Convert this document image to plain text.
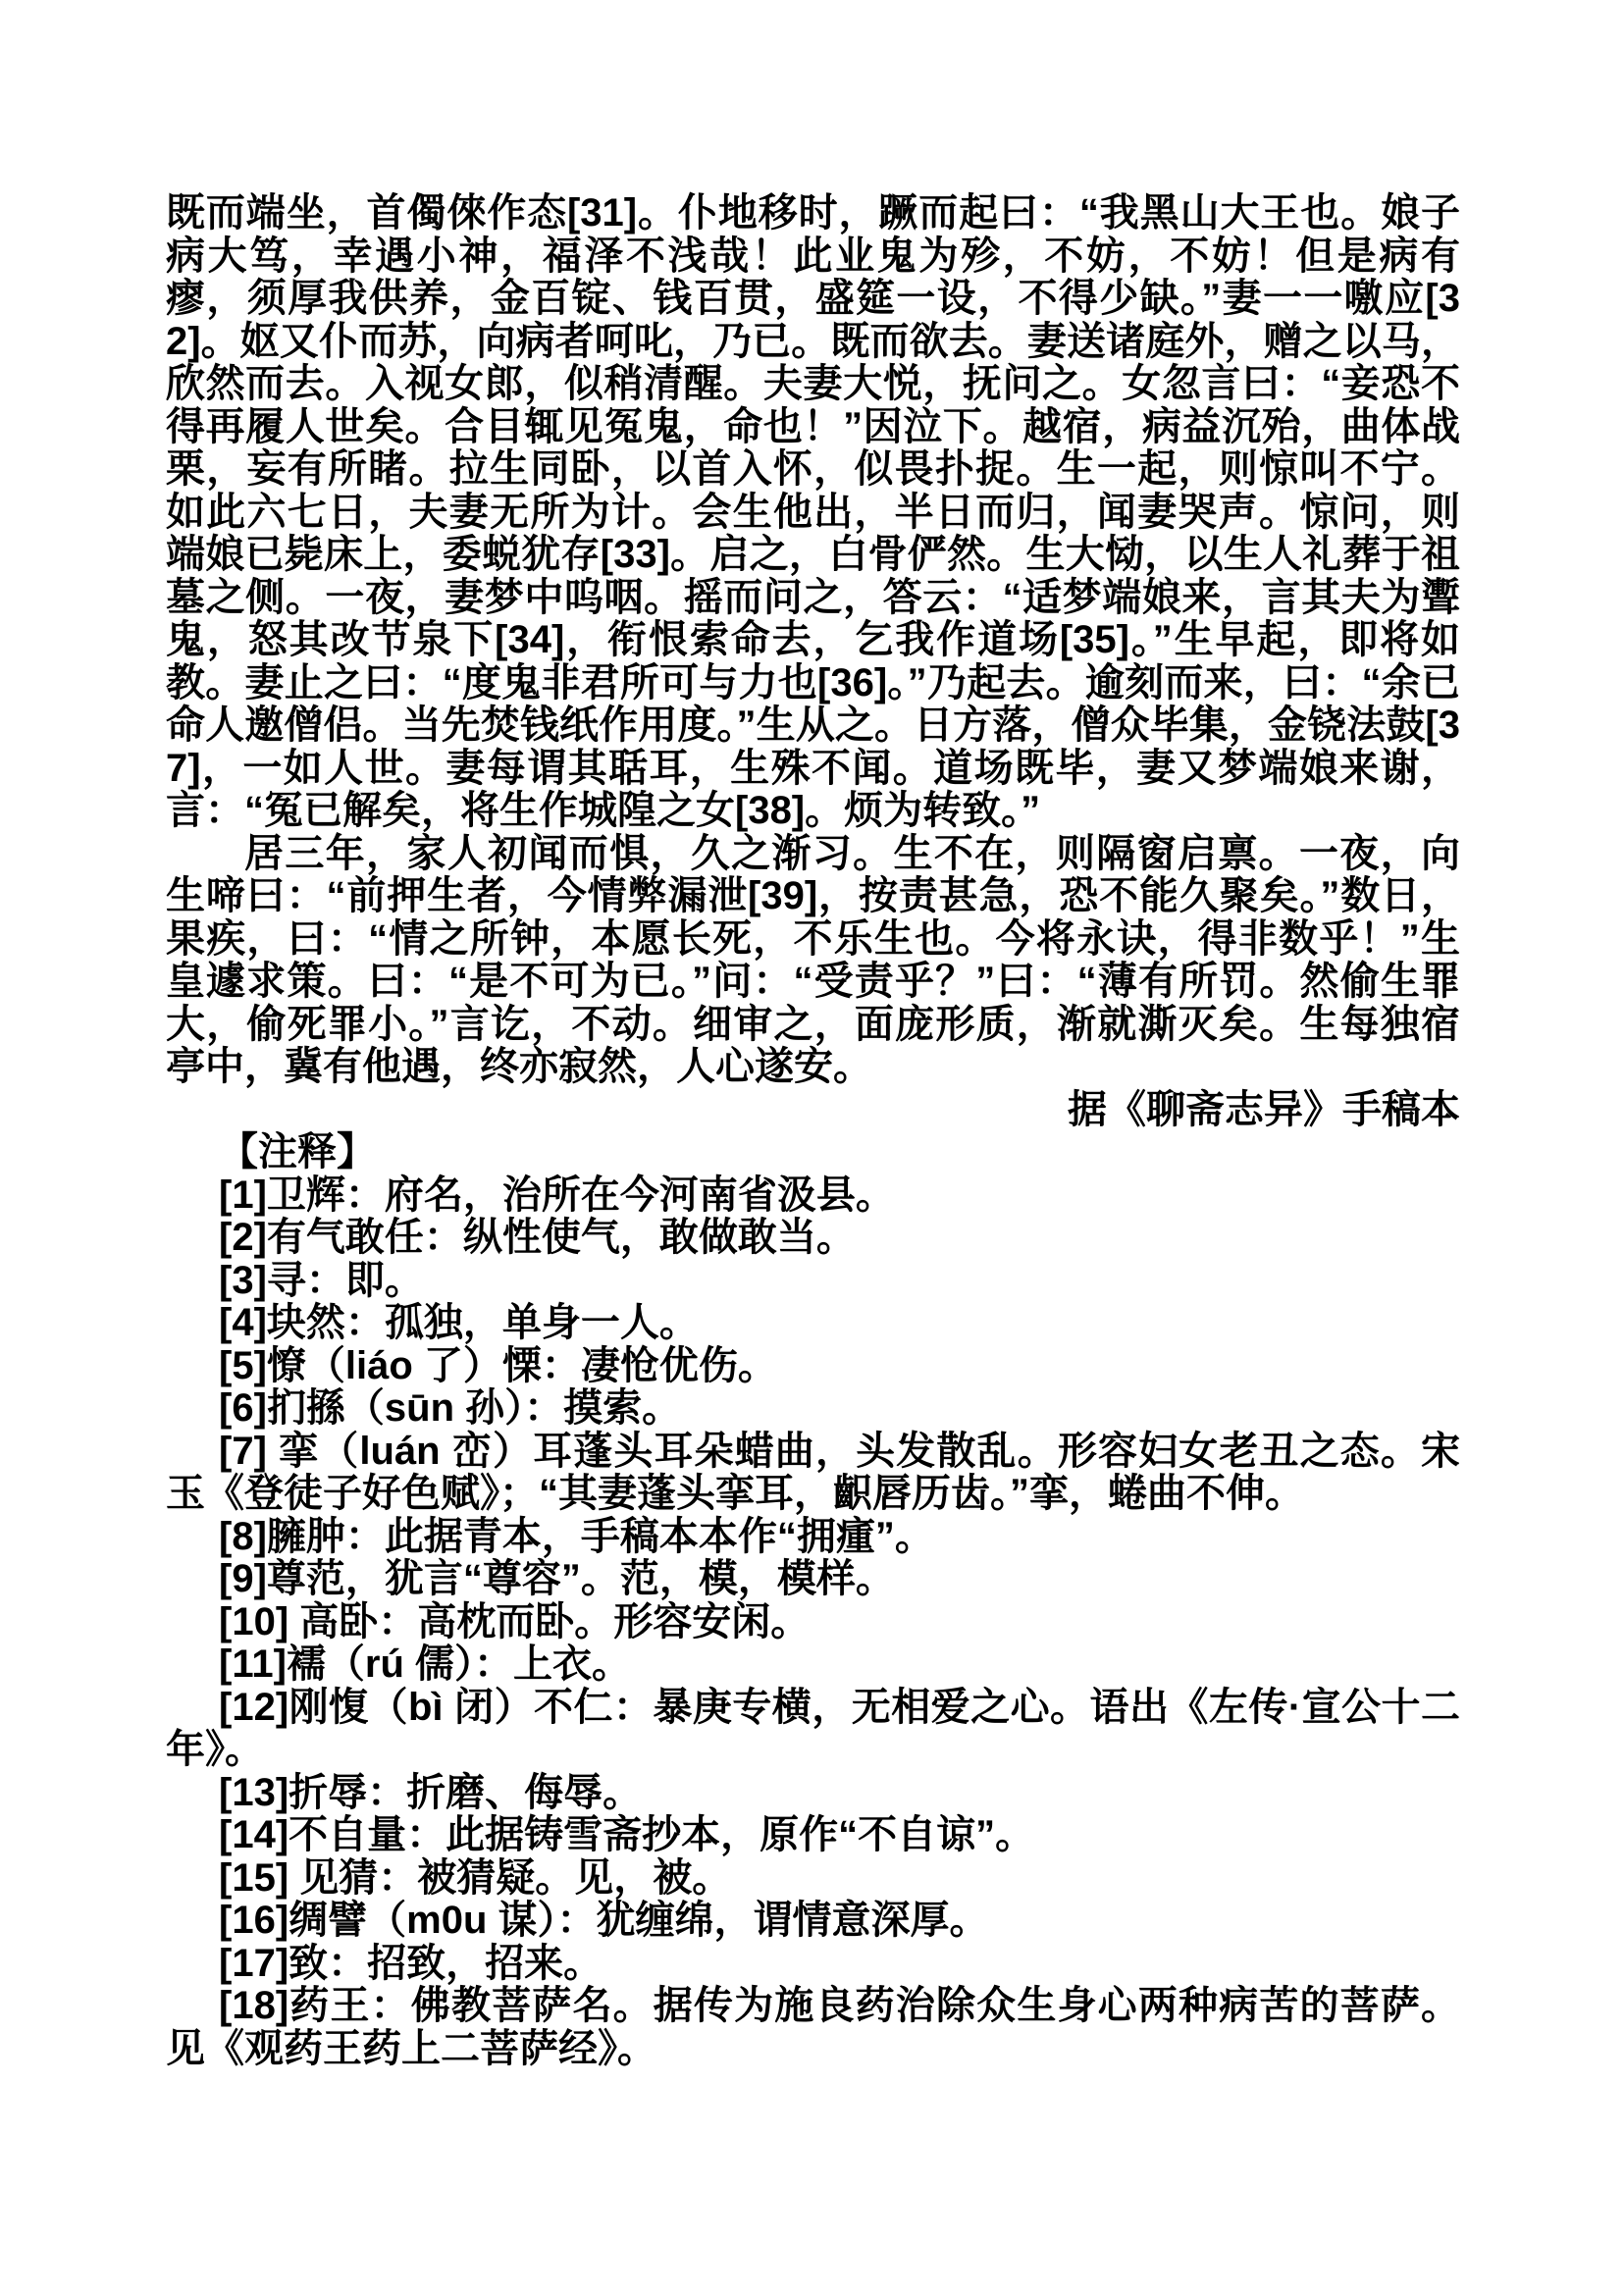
既而端坐，首㒔倈作态[31]。仆地移时，蹶而起曰：“我黑山大王也。娘子病大笃，幸遇小神，福泽不浅哉！此业鬼为殄，不妨，不妨！但是病有瘳，须厚我供养，金百锭、钱百贯，盛筵一设，不得少缺。”妻一一噭应[32]。妪又仆而苏，向病者呵叱，乃已。既而欲去。妻送诸庭外，赠之以马，欣然而去。入视女郎，似稍清醒。夫妻大悦，抚问之。女忽言曰：“妾恐不得再履人世矣。合目辄见冤鬼，命也！”因泣下。越宿，病益沉殆，曲体战栗，妄有所睹。拉生同卧，以首入怀，似畏扑捉。生一起，则惊叫不宁。如此六七日，夫妻无所为计。会生他出，半日而归，闻妻哭声。惊问，则端娘已毙床上，委蜕犹存[33]。启之，白骨俨然。生大恸，以生人礼葬于祖墓之侧。一夜，妻梦中呜咽。摇而问之，答云：“适梦端娘来，言其夫为聻鬼，怒其改节泉下[34]，衔恨索命去，乞我作道场[35]。”生早起，即将如教。妻止之曰：“度鬼非君所可与力也[36]。”乃起去。逾刻而来，曰：“余已命人邀僧侣。当先焚钱纸作用度。”生从之。日方落，僧众毕集，金铙法鼓[37]，一如人世。妻每谓其聒耳，生殊不闻。道场既毕，妻又梦端娘来谢，言：“冤已解矣，将生作城隍之女[38]。烦为转致。”

居三年，家人初闻而惧，久之渐习。生不在，则隔窗启禀。一夜，向生啼曰：“前押生者，今情弊漏泄[39]，按责甚急，恐不能久聚矣。”数日，果疾，曰：“情之所钟，本愿长死，不乐生也。今将永诀，得非数乎！”生皇遽求策。曰：“是不可为已。”问：“受责乎？”曰：“薄有所罚。然偷生罪大，偷死罪小。”言讫，不动。细审之，面庞形质，渐就澌灭矣。生每独宿亭中，冀有他遇，终亦寂然，人心遂安。

据《聊斋志异》手稿本

【注释】

[1]卫辉：府名，治所在今河南省汲县。

[2]有气敢任：纵性使气，敢做敢当。

[3]寻：即。

[4]块然：孤独，单身一人。

[5]憭（liáo 了）慄：凄怆优伤。

[6]扪搎（sūn 孙）：摸索。

[7] 挛（luán 峦）耳蓬头耳朵蜡曲，头发散乱。形容妇女老丑之态。宋玉《登徒子好色赋》；“其妻蓬头挛耳，齞唇历齿。”挛，蜷曲不伸。

[8]臃肿：此据青本，手稿本本作“拥瘇”。

[9]尊范，犹言“尊容”。范，模，模样。

[10] 高卧：高枕而卧。形容安闲。

[11]襦（rú 儒）：上衣。

[12]刚愎（bì 闭）不仁：暴庚专横，无相爱之心。语出《左传·宣公十二年》。

[13]折辱：折磨、侮辱。

[14]不自量：此据铸雪斋抄本，原作“不自谅”。

[15] 见猜：被猜疑。见，被。

[16]绸譬（m0u 谋）：犹缠绵，谓情意深厚。

[17]致：招致，招来。

[18]药王：佛教菩萨名。据传为施良药治除众生身心两种病苦的菩萨。见《观药王药上二菩萨经》。
